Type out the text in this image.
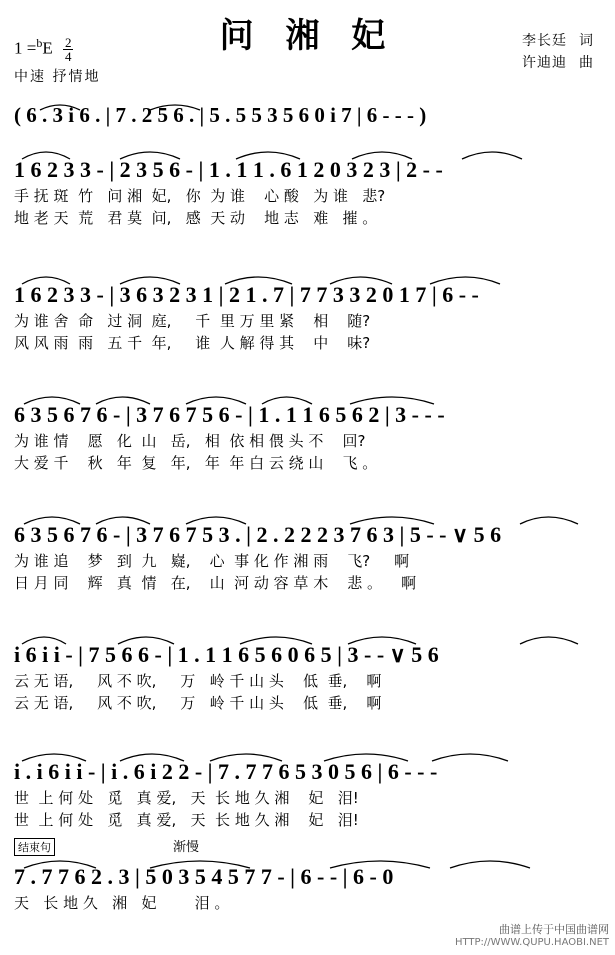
问 湘 妃	李长廷 词
许迪迪 曲
$1 =^bE \frac{2}{4}$
中速 抒情地
( 6 . 3 i 6 . | 7 . 2 5 6 . | 5 . 5 5 3 5 6 0 i 7 | 6 - - - )
1 6 2 3 3 - | 2 3 5 6 - | 1 . 1 1 . 6 1 2 0 3 2 3 | 2 - -
手 抚 斑  竹   问 湘  妃,   你  为 谁    心 酸   为 谁   悲?
地 老 天  荒   君 莫  问,   感  天 动    地 志   难   摧 。
1 6 2 3 3 - | 3 6 3 2 3 1 | 2 1 . 7 | 7 7 3 3 2 0 1 7 | 6 - -
为 谁 舍  命   过 洞  庭,     千  里 万 里 紧    相    随?
风 风 雨  雨   五 千  年,     谁  人 解 得 其    中    味?
6 3 5 6 7 6 - | 3 7 6 7 5 6 - | 1 . 1 1 6 5 6 2 | 3 - - -
为 谁 情    愿   化  山   岳,   相  依 相 偎 头 不    回?
大 爱 千    秋   年  复   年,   年  年 白 云 绕 山    飞 。
6 3 5 6 7 6 - | 3 7 6 7 5 3 . | 2 . 2 2 2 3 7 6 3 | 5 - - ∨ 5 6
为 谁 追    梦   到  九   嶷,    心  事 化 作 湘 雨    飞?     啊
日 月 同    辉   真  情   在,    山  河 动 容 草 木    悲 。    啊
i 6 i i - | 7 5 6 6 - | 1 . 1 1 6 5 6 0 6 5 | 3 - - ∨ 5 6
云 无 语,     风 不 吹,     万   岭 千 山 头    低  垂,    啊
云 无 语,     风 不 吹,     万   岭 千 山 头    低  垂,    啊
i . i 6 i i - | i . 6 i 2 2 - | 7 . 7 7 6 5 3 0 5 6 | 6 - - -
世  上 何 处   觅   真 爱,   天  长 地 久 湘    妃   泪!
世  上 何 处   觅   真 爱,   天  长 地 久 湘    妃   泪!
结束句	渐慢
7 . 7 7 6 2 . 3 | 5 0 3 5 4 5 7 7 - | 6 - - | 6 - 0
天   长 地 久   湘   妃        泪 。
曲谱上传于中国曲谱网
HTTP://WWW.QUPU.HAOBI.NET
